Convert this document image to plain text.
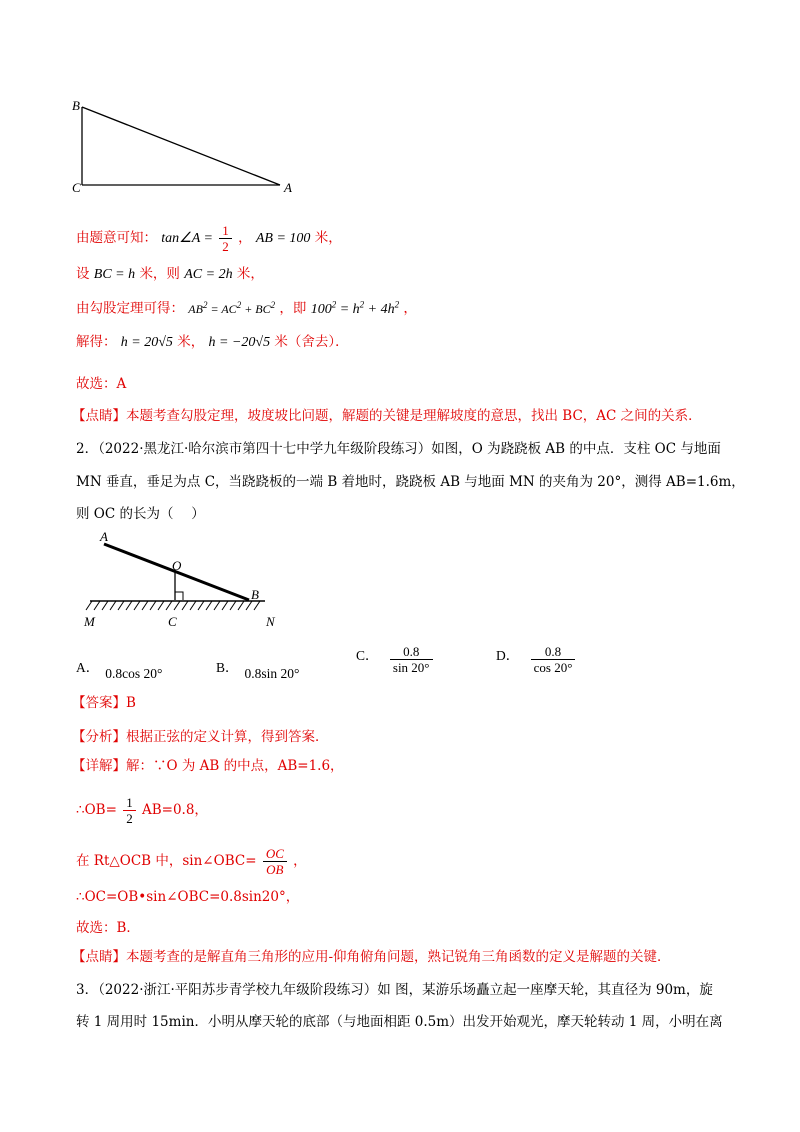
B
C	A
由题意可知： tan∠A = $\frac{1}{2}$ ， AB = 100 米，
设 BC = h 米，则 AC = 2h 米，
由勾股定理可得： $AB^2 = AC^2 + BC^2$ ，即 $100^2 = h^2 + 4h^2$ ，
解得： h = 20√5 米， h = −20√5 米（舍去）．
故选：A
【点睛】本题考查勾股定理，坡度坡比问题，解题的关键是理解坡度的意思，找出 BC，AC 之间的关系．
2．（2022·黑龙江·哈尔滨市第四十七中学九年级阶段练习）如图，O 为跷跷板 AB 的中点．支柱 OC 与地面
MN 垂直，垂足为点 C，当跷跷板的一端 B 着地时，跷跷板 AB 与地面 MN 的夹角为 20°，测得 AB=1.6m，
则 OC 的长为（　 ）
A
O
B
M	C	N
A． 0.8cos 20°	B． 0.8sin 20°
C． $\frac{0.8}{\sin 20^\circ}$	D． $\frac{0.8}{\cos 20^\circ}$
【答案】B
【分析】根据正弦的定义计算，得到答案．
【详解】解：∵O 为 AB 的中点，AB=1.6，
∴OB= $\frac{1}{2} AB=0.8$，
在 Rt△OCB 中，sin∠OBC= $\frac{OC}{OB}$ ，
∴OC=OB•sin∠OBC=0.8sin20°，
故选：B．
【点睛】本题考查的是解直角三角形的应用-仰角俯角问题，熟记锐角三角函数的定义是解题的关键．
3．（2022·浙江·平阳苏步青学校九年级阶段练习）如 图，某游乐场矗立起一座摩天轮，其直径为 90m，旋
转 1 周用时 15min．小明从摩天轮的底部（与地面相距 0.5m）出发开始观光，摩天轮转动 1 周，小明在离
